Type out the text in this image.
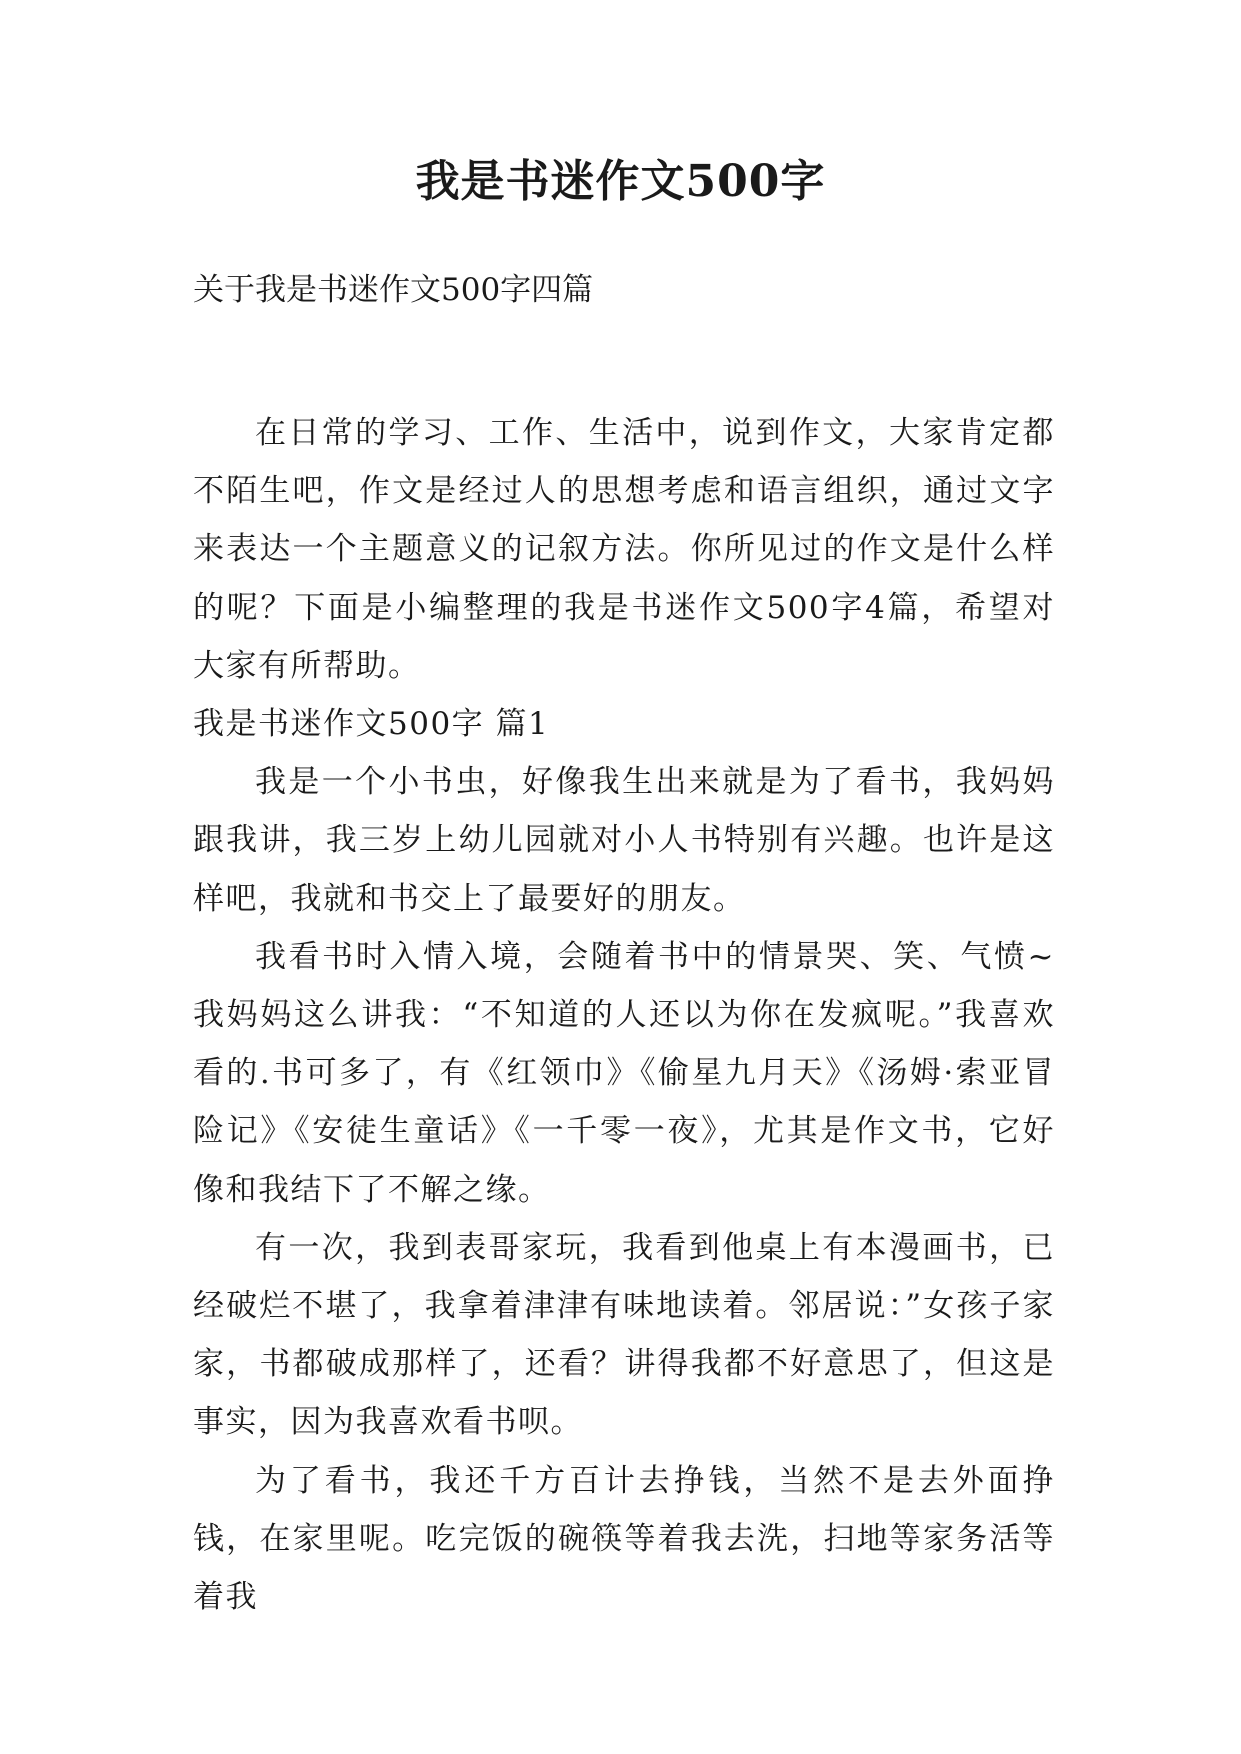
我是书迷作文500字
关于我是书迷作文500字四篇

在日常的学习、工作、生活中，说到作文，大家肯定都不陌生吧，作文是经过人的思想考虑和语言组织，通过文字来表达一个主题意义的记叙方法。你所见过的作文是什么样的呢？下面是小编整理的我是书迷作文500字4篇，希望对大家有所帮助。

我是书迷作文500字 篇1

我是一个小书虫，好像我生出来就是为了看书，我妈妈跟我讲，我三岁上幼儿园就对小人书特别有兴趣。也许是这样吧，我就和书交上了最要好的朋友。

我看书时入情入境，会随着书中的情景哭、笑、气愤~我妈妈这么讲我：“不知道的人还以为你在发疯呢。”我喜欢看的.书可多了，有《红领巾》《偷星九月天》《汤姆·索亚冒险记》《安徒生童话》《一千零一夜》，尤其是作文书，它好像和我结下了不解之缘。

有一次，我到表哥家玩，我看到他桌上有本漫画书，已经破烂不堪了，我拿着津津有味地读着。邻居说：”女孩子家家，书都破成那样了，还看？讲得我都不好意思了，但这是事实，因为我喜欢看书呗。

为了看书，我还千方百计去挣钱，当然不是去外面挣钱，在家里呢。吃完饭的碗筷等着我去洗，扫地等家务活等着我
